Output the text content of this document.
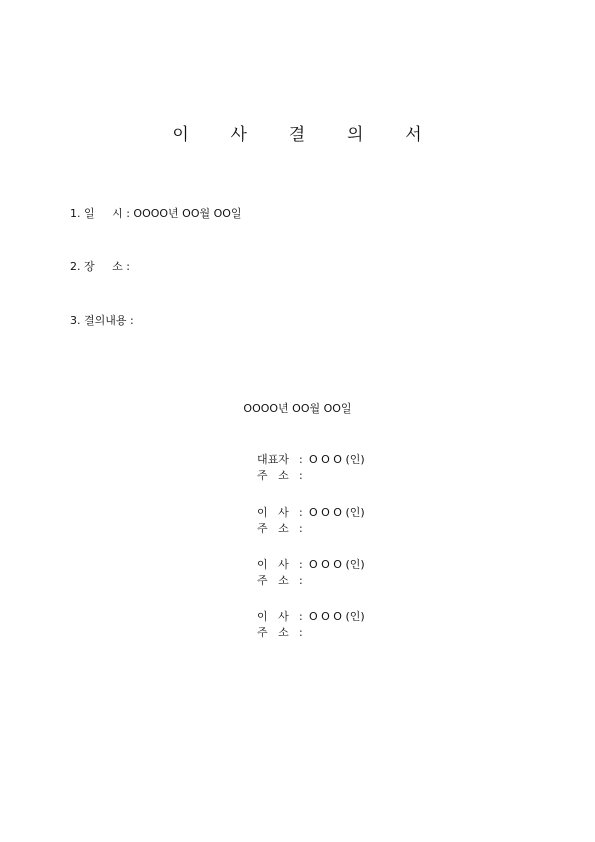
이  사  결  의  서
1. 일     시 : OOOO년 OO월 OO일
2. 장     소 :
3. 결의내용 :
OOOO년 OO월 OO일
대표자 : O O O (인)
주   소 :
이   사 : O O O (인)
주   소 :
이   사 : O O O (인)
주   소 :
이   사 : O O O (인)
주   소 :
